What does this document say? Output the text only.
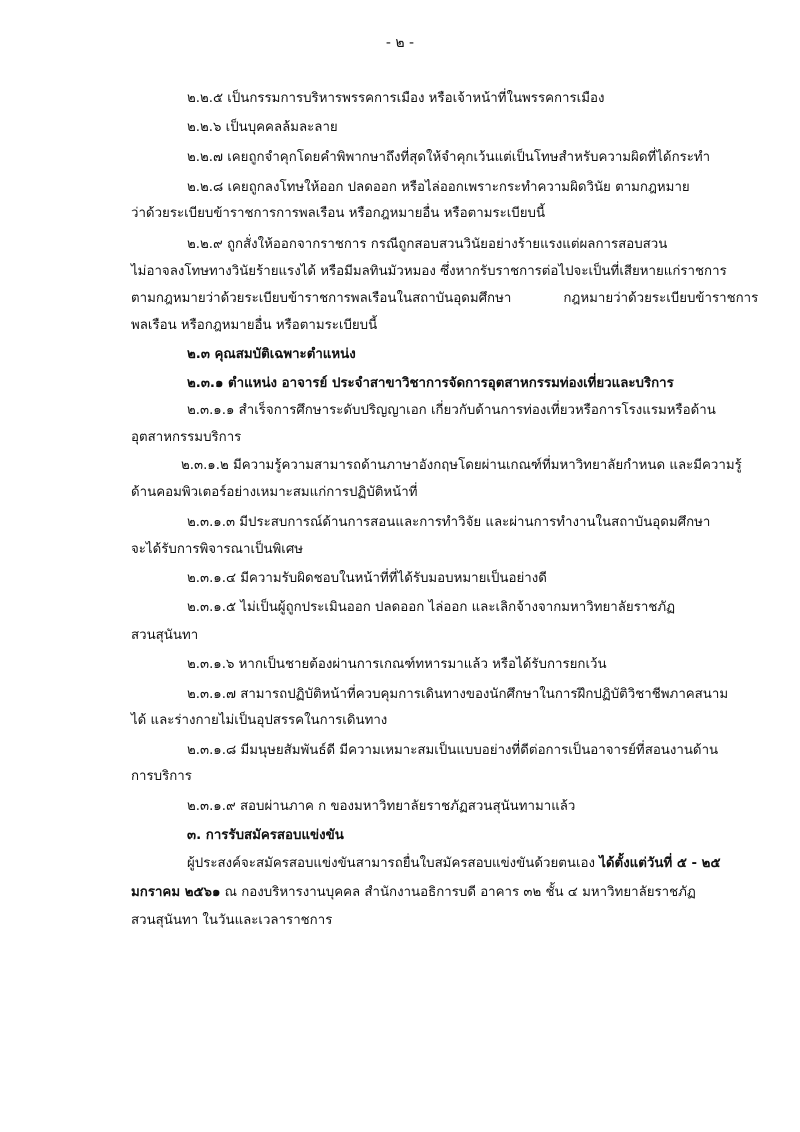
- ๒ -
๒.๒.๕ เป็นกรรมการบริหารพรรคการเมือง หรือเจ้าหน้าที่ในพรรคการเมือง
๒.๒.๖ เป็นบุคคลล้มละลาย
๒.๒.๗ เคยถูกจำคุกโดยคำพิพากษาถึงที่สุดให้จำคุกเว้นแต่เป็นโทษสำหรับความผิดที่ได้กระทำ
๒.๒.๘ เคยถูกลงโทษให้ออก ปลดออก หรือไล่ออกเพราะกระทำความผิดวินัย ตามกฎหมาย
ว่าด้วยระเบียบข้าราชการการพลเรือน หรือกฎหมายอื่น หรือตามระเบียบนี้
๒.๒.๙ ถูกสั่งให้ออกจากราชการ กรณีถูกสอบสวนวินัยอย่างร้ายแรงแต่ผลการสอบสวน
ไม่อาจลงโทษทางวินัยร้ายแรงได้ หรือมีมลทินมัวหมอง ซึ่งหากรับราชการต่อไปจะเป็นที่เสียหายแก่ราชการ
ตามกฎหมายว่าด้วยระเบียบข้าราชการพลเรือนในสถาบันอุดมศึกษา	กฎหมายว่าด้วยระเบียบข้าราชการ
พลเรือน หรือกฎหมายอื่น หรือตามระเบียบนี้
๒.๓ คุณสมบัติเฉพาะตำแหน่ง
๒.๓.๑ ตำแหน่ง อาจารย์ ประจำสาขาวิชาการจัดการอุตสาหกรรมท่องเที่ยวและบริการ
๒.๓.๑.๑ สำเร็จการศึกษาระดับปริญญาเอก เกี่ยวกับด้านการท่องเที่ยวหรือการโรงแรมหรือด้าน
อุตสาหกรรมบริการ
๒.๓.๑.๒ มีความรู้ความสามารถด้านภาษาอังกฤษโดยผ่านเกณฑ์ที่มหาวิทยาลัยกำหนด และมีความรู้
ด้านคอมพิวเตอร์อย่างเหมาะสมแก่การปฏิบัติหน้าที่
๒.๓.๑.๓ มีประสบการณ์ด้านการสอนและการทำวิจัย และผ่านการทำงานในสถาบันอุดมศึกษา
จะได้รับการพิจารณาเป็นพิเศษ
๒.๓.๑.๔ มีความรับผิดชอบในหน้าที่ที่ได้รับมอบหมายเป็นอย่างดี
๒.๓.๑.๕ ไม่เป็นผู้ถูกประเมินออก ปลดออก ไล่ออก และเลิกจ้างจากมหาวิทยาลัยราชภัฏ
สวนสุนันทา
๒.๓.๑.๖ หากเป็นชายต้องผ่านการเกณฑ์ทหารมาแล้ว หรือได้รับการยกเว้น
๒.๓.๑.๗ สามารถปฏิบัติหน้าที่ควบคุมการเดินทางของนักศึกษาในการฝึกปฏิบัติวิชาชีพภาคสนาม
ได้ และร่างกายไม่เป็นอุปสรรคในการเดินทาง
๒.๓.๑.๘ มีมนุษยสัมพันธ์ดี มีความเหมาะสมเป็นแบบอย่างที่ดีต่อการเป็นอาจารย์ที่สอนงานด้าน
การบริการ
๒.๓.๑.๙ สอบผ่านภาค ก ของมหาวิทยาลัยราชภัฏสวนสุนันทามาแล้ว
๓. การรับสมัครสอบแข่งขัน
ผู้ประสงค์จะสมัครสอบแข่งขันสามารถยื่นใบสมัครสอบแข่งขันด้วยตนเอง ได้ตั้งแต่วันที่ ๕ - ๒๕
มกราคม ๒๕๖๑ ณ กองบริหารงานบุคคล สำนักงานอธิการบดี อาคาร ๓๒ ชั้น ๔ มหาวิทยาลัยราชภัฏ
สวนสุนันทา ในวันและเวลาราชการ
